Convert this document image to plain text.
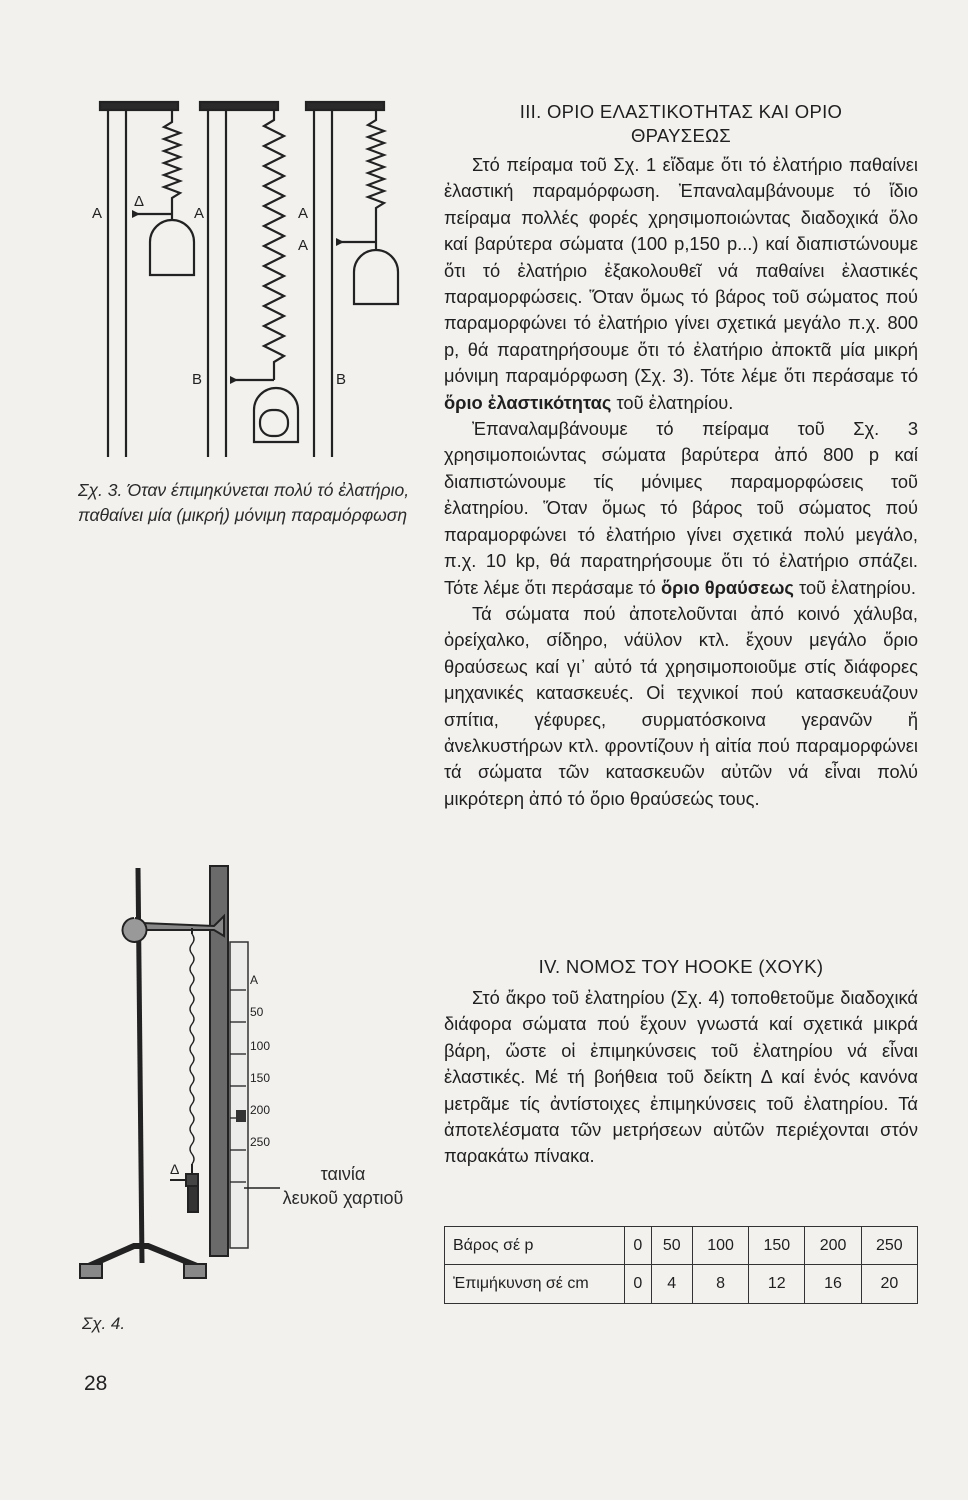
A
Δ
A	A
A
B	B
Σχ. 3. Όταν έπιμηκύνεται πολύ τό ἐλατήριο, παθαίνει μία (μικρή) μόνιμη παραμόρφωση
A
50
100
150
200
250
Δ	ταινία
λευκοῦ χαρτιοῦ
Σχ. 4.
28
III. ΟΡΙΟ ΕΛΑΣΤΙΚΟΤΗΤΑΣ ΚΑΙ ΟΡΙΟ
ΘΡΑΥΣΕΩΣ

Στό πείραμα τοῦ Σχ. 1 εἴδαμε ὅτι τό ἐλατήριο παθαίνει ἐλαστική παραμόρφωση. Ἐπαναλαμβάνουμε τό ἴδιο πείραμα πολλές φορές χρησιμοποιώντας διαδοχικά ὅλο καί βαρύτερα σώματα (100 p,150 p...) καί διαπιστώνουμε ὅτι τό ἐλατήριο ἐξακολουθεῖ νά παθαίνει ἐλαστικές παραμορφώσεις. Ὅταν ὅμως τό βάρος τοῦ σώματος πού παραμορφώνει τό ἐλατήριο γίνει σχετικά μεγάλο π.χ. 800 p, θά παρατηρήσουμε ὅτι τό ἐλατήριο ἀποκτᾶ μία μικρή μόνιμη παραμόρφωση (Σχ. 3). Τότε λέμε ὅτι περάσαμε τό ὅριο ἐλαστικότητας τοῦ ἐλατηρίου.

Ἐπαναλαμβάνουμε τό πείραμα τοῦ Σχ. 3 χρησιμοποιώντας σώματα βαρύτερα ἀπό 800 p καί διαπιστώνουμε τίς μόνιμες παραμορφώσεις τοῦ ἐλατηρίου. Ὅταν ὅμως τό βάρος τοῦ σώματος πού παραμορφώνει τό ἐλατήριο γίνει σχετικά πολύ μεγάλο, π.χ. 10 kp, θά παρατηρήσουμε ὅτι τό ἐλατήριο σπάζει. Τότε λέμε ὅτι περάσαμε τό ὅριο θραύσεως τοῦ ἐλατηρίου.

Τά σώματα πού ἀποτελοῦνται ἀπό κοινό χάλυβα, ὀρείχαλκο, σίδηρο, νάϋλον κτλ. ἔχουν μεγάλο ὅριο θραύσεως καί γι᾿ αὐτό τά χρησιμοποιοῦμε στίς διάφορες μηχανικές κατασκευές. Οἱ τεχνικοί πού κατασκευάζουν σπίτια, γέφυρες, συρματόσκοινα γερανῶν ἤ ἀνελκυστήρων κτλ. φροντίζουν ἡ αἰτία πού παραμορφώνει τά σώματα τῶν κατασκευῶν αὐτῶν νά εἶναι πολύ μικρότερη ἀπό τό ὅριο θραύσεώς τους.

IV. ΝΟΜΟΣ ΤΟΥ HOOKE (ΧΟΥΚ)

Στό ἄκρο τοῦ ἐλατηρίου (Σχ. 4) τοποθετοῦμε διαδοχικά διάφορα σώματα πού ἔχουν γνωστά καί σχετικά μικρά βάρη, ὥστε οἱ ἐπιμηκύνσεις τοῦ ἐλατηρίου νά εἶναι ἐλαστικές. Μέ τή βοήθεια τοῦ δείκτη Δ καί ἑνός κανόνα μετρᾶμε τίς ἀντίστοιχες ἐπιμηκύνσεις τοῦ ἐλατηρίου. Τά ἀποτελέσματα τῶν μετρήσεων αὐτῶν περιέχονται στόν παρακάτω πίνακα.

Βάρος σέ p	0	50	100	150	200	250
Ἐπιμήκυνση σέ cm	0	4	8	12	16	20
